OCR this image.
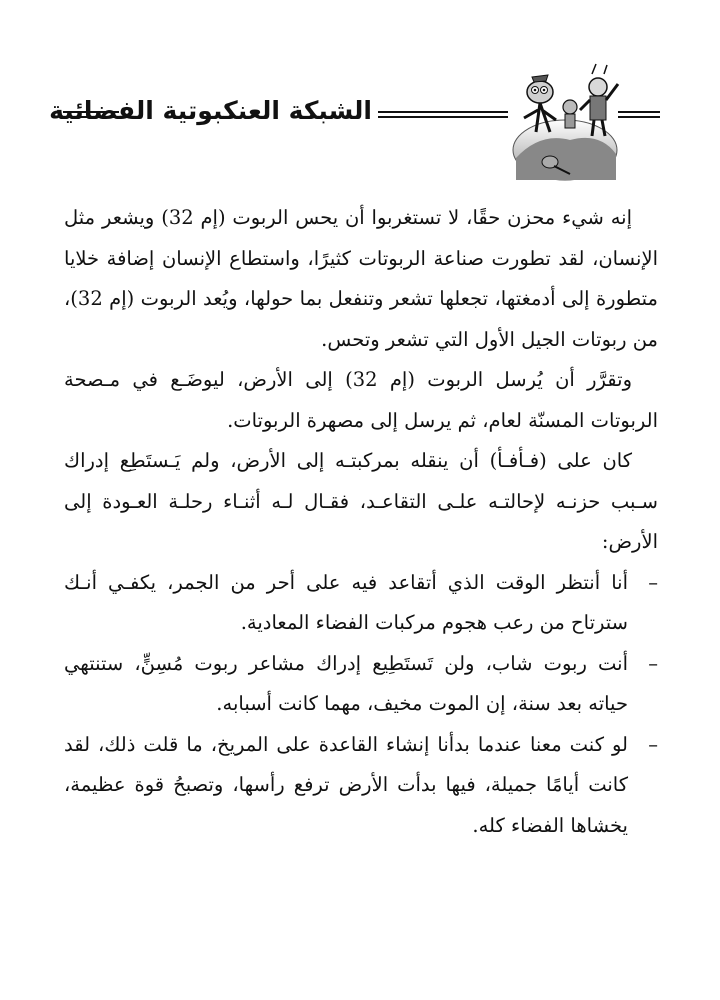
الشبكة العنكبوتية الفضائية

إنه شيء محزن حقًا، لا تستغربوا أن يحس الربوت (إم 32) ويشعر مثل الإنسان، لقد تطورت صناعة الربوتات كثيرًا، واستطاع الإنسان إضافة خلايا متطورة إلى أدمغتها، تجعلها تشعر وتنفعل بما حولها، ويُعد الربوت (إم 32)، من ربوتات الجيل الأول التي تشعر وتحس.

وتقرَّر أن يُرسل الربوت (إم 32) إلى الأرض، ليوضَـع في مـصحة الربوتات المسنّة لعام، ثم يرسل إلى مصهرة الربوتات.

كان على (فـأفـأ) أن ينقله بمركبتـه إلى الأرض، ولم يَـستَطِع إدراك سـبب حزنـه لإحالتـه علـى التقاعـد، فقـال لـه أثنـاء رحلـة العـودة إلى الأرض:

– أنا أنتظر الوقت الذي أتقاعد فيه على أحر من الجمر، يكفـي أنـك سترتاح من رعب هجوم مركبات الفضاء المعادية.
– أنت ربوت شاب، ولن تَستَطِيع إدراك مشاعر ربوت مُسِنٍّ، ستنتهي حياته بعد سنة، إن الموت مخيف، مهما كانت أسبابه.
– لو كنت معنا عندما بدأنا إنشاء القاعدة على المريخ، ما قلت ذلك، لقد كانت أيامًا جميلة، فيها بدأت الأرض ترفع رأسها، وتصبحُ قوة عظيمة، يخشاها الفضاء كله.
